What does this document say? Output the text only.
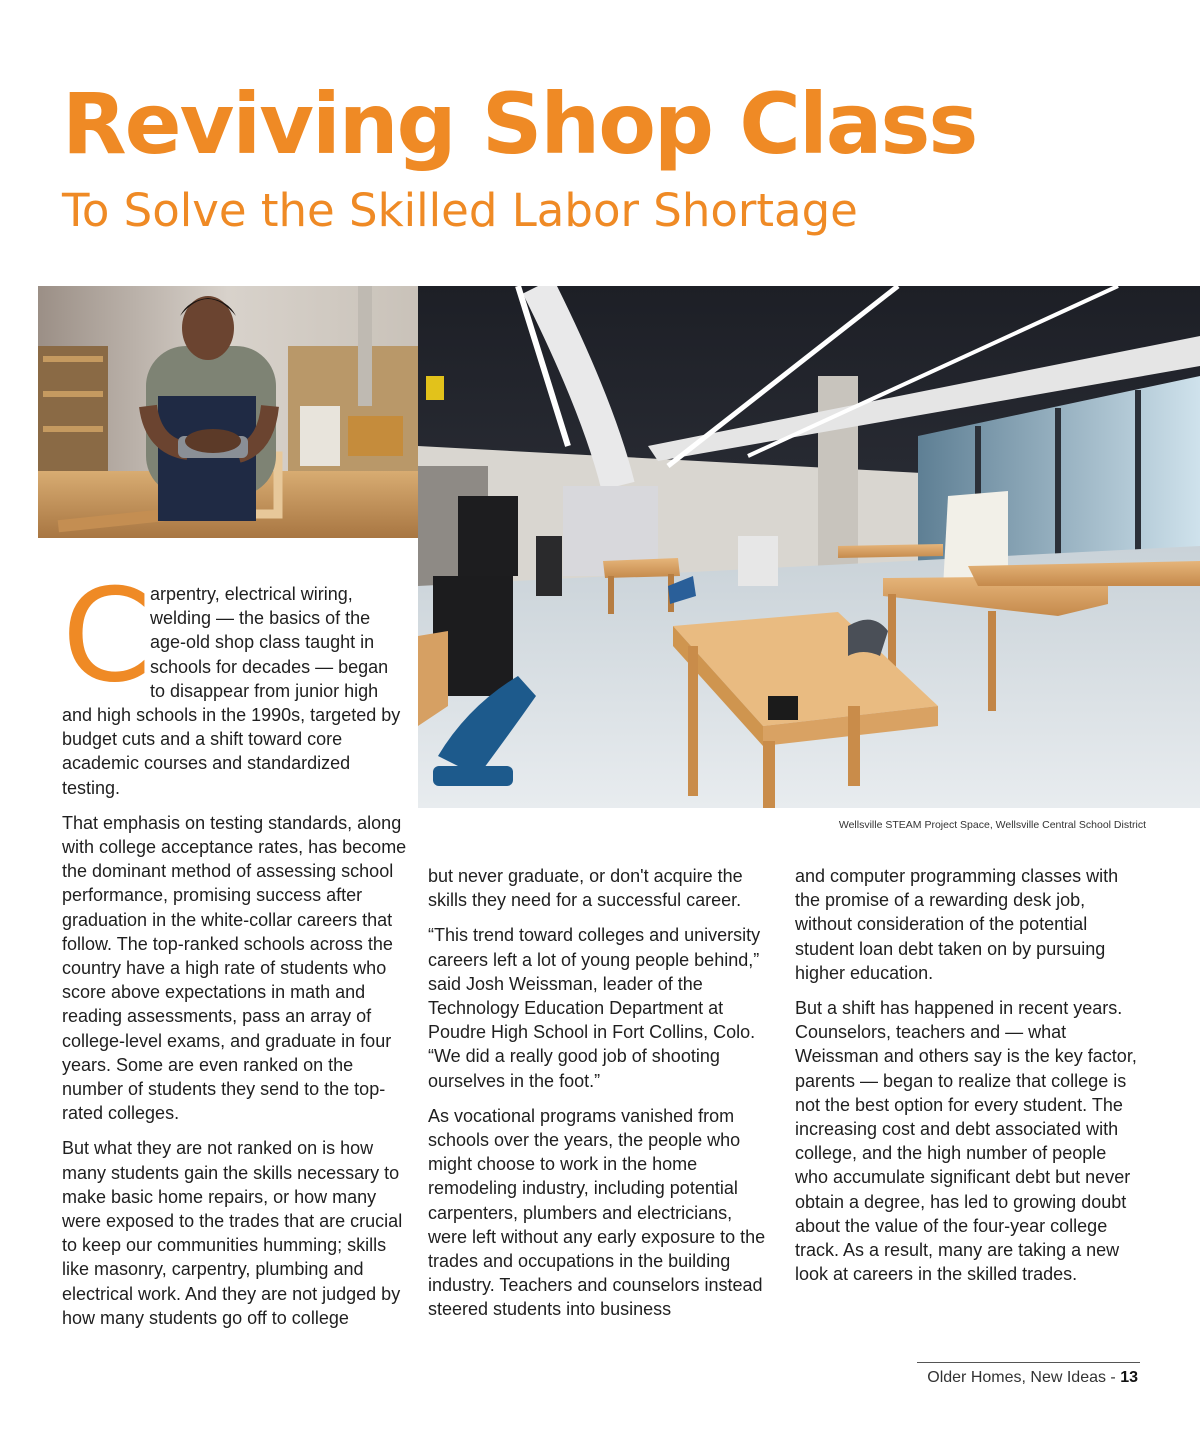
Reviving Shop Class
To Solve the Skilled Labor Shortage
Wellsville STEAM Project Space, Wellsville Central School District

C
arpentry, electrical wiring, welding — the basics of the age-old shop class taught in schools for decades — began to disappear from junior high and high schools in the 1990s, targeted by budget cuts and a shift toward core academic courses and standardized testing.

That emphasis on testing standards, along with college acceptance rates, has become the dominant method of assessing school performance, promising success after graduation in the white-collar careers that follow. The top-ranked schools across the country have a high rate of students who score above expectations in math and reading assessments, pass an array of college-level exams, and graduate in four years. Some are even ranked on the number of students they send to the top-rated colleges.

But what they are not ranked on is how many students gain the skills necessary to make basic home repairs, or how many were exposed to the trades that are crucial to keep our communities humming; skills like masonry, carpentry, plumbing and electrical work. And they are not judged by how many students go off to college

but never graduate, or don't acquire the skills they need for a successful career.

“This trend toward colleges and university careers left a lot of young people behind,” said Josh Weissman, leader of the Technology Education Department at Poudre High School in Fort Collins, Colo. “We did a really good job of shooting ourselves in the foot.”

As vocational programs vanished from schools over the years, the people who might choose to work in the home remodeling industry, including potential carpenters, plumbers and electricians, were left without any early exposure to the trades and occupations in the building industry. Teachers and counselors instead steered students into business

and computer programming classes with the promise of a rewarding desk job, without consideration of the potential student loan debt taken on by pursuing higher education.

But a shift has happened in recent years. Counselors, teachers and — what Weissman and others say is the key factor, parents — began to realize that college is not the best option for every student. The increasing cost and debt associated with college, and the high number of people who accumulate significant debt but never obtain a degree, has led to growing doubt about the value of the four-year college track. As a result, many are taking a new look at careers in the skilled trades.

Older Homes, New Ideas - 13
